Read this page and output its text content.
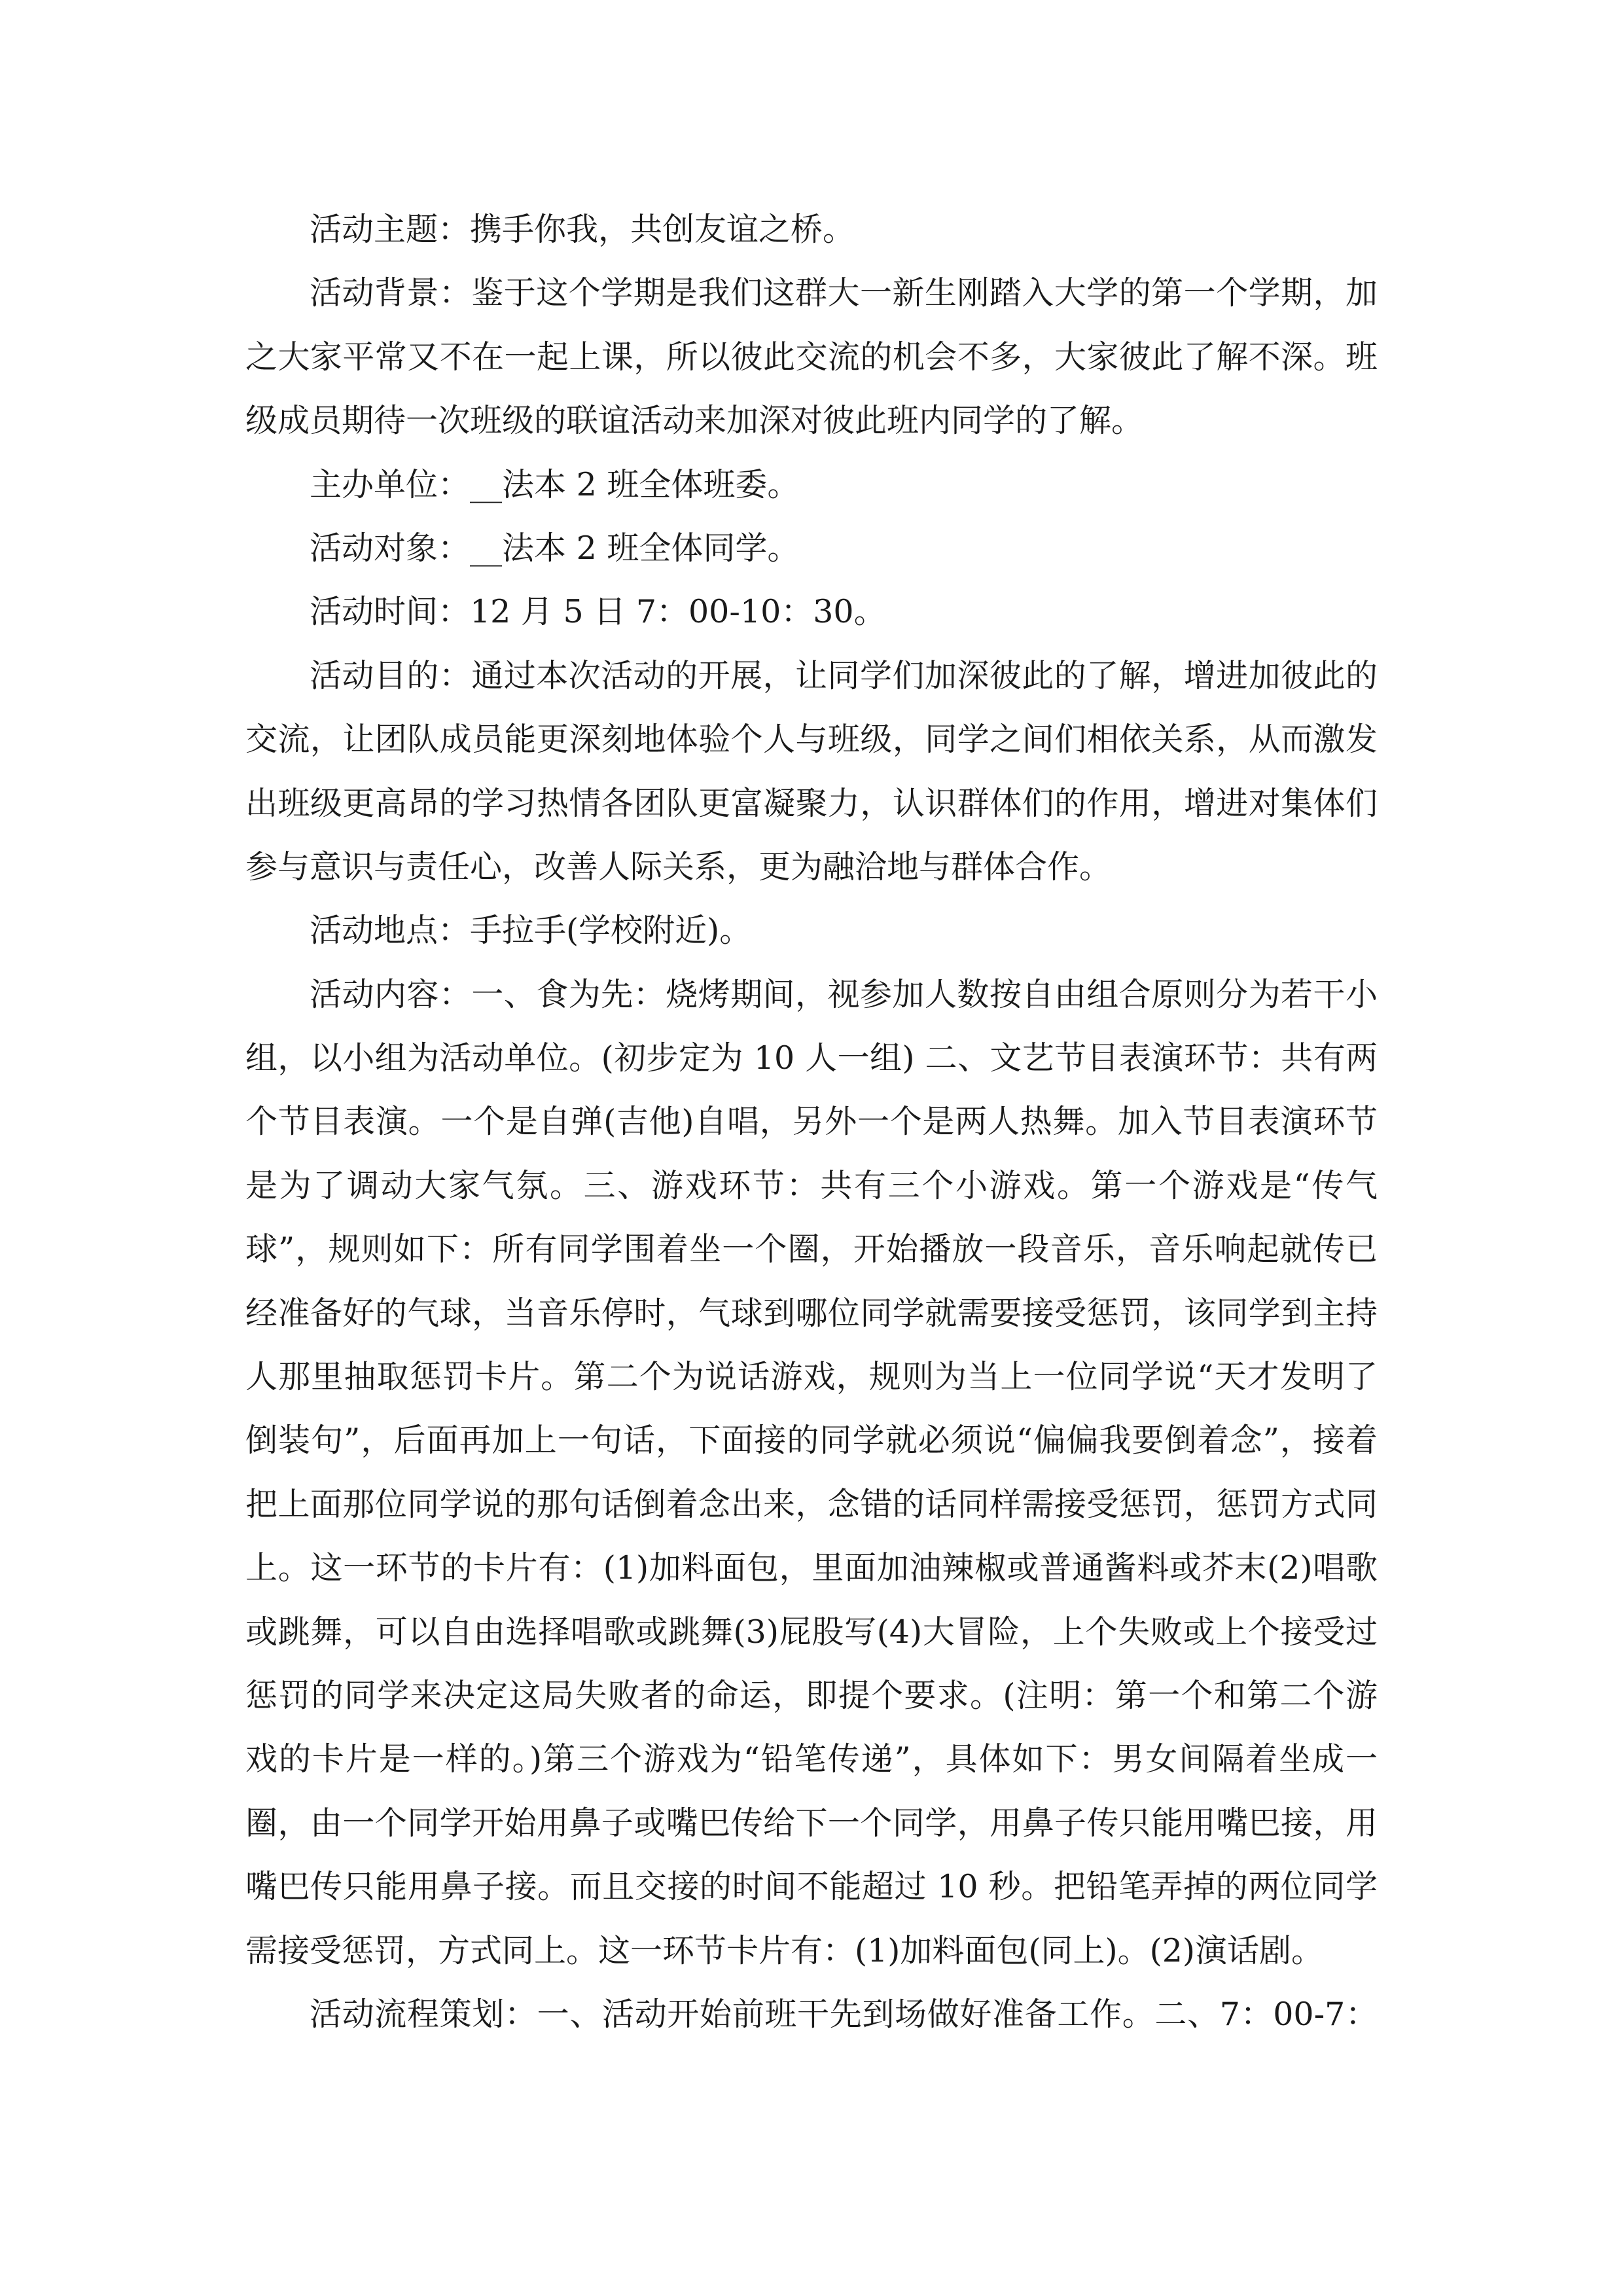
活动主题：携手你我，共创友谊之桥。
活动背景：鉴于这个学期是我们这群大一新生刚踏入大学的第一个学期，加
之大家平常又不在一起上课，所以彼此交流的机会不多，大家彼此了解不深。班
级成员期待一次班级的联谊活动来加深对彼此班内同学的了解。
主办单位：__法本 2 班全体班委。
活动对象：__法本 2 班全体同学。
活动时间：12 月 5 日 7：00-10：30。
活动目的：通过本次活动的开展，让同学们加深彼此的了解，增进加彼此的
交流，让团队成员能更深刻地体验个人与班级，同学之间们相依关系，从而激发
出班级更高昂的学习热情各团队更富凝聚力，认识群体们的作用，增进对集体们
参与意识与责任心，改善人际关系，更为融洽地与群体合作。
活动地点：手拉手(学校附近)。
活动内容：一、食为先：烧烤期间，视参加人数按自由组合原则分为若干小
组，以小组为活动单位。(初步定为 10 人一组) 二、文艺节目表演环节：共有两
个节目表演。一个是自弹(吉他)自唱，另外一个是两人热舞。加入节目表演环节
是为了调动大家气氛。三、游戏环节：共有三个小游戏。第一个游戏是“传气
球”，规则如下：所有同学围着坐一个圈，开始播放一段音乐，音乐响起就传已
经准备好的气球，当音乐停时，气球到哪位同学就需要接受惩罚，该同学到主持
人那里抽取惩罚卡片。第二个为说话游戏，规则为当上一位同学说“天才发明了
倒装句”，后面再加上一句话，下面接的同学就必须说“偏偏我要倒着念”，接着
把上面那位同学说的那句话倒着念出来，念错的话同样需接受惩罚，惩罚方式同
上。这一环节的卡片有：(1)加料面包，里面加油辣椒或普通酱料或芥末(2)唱歌
或跳舞，可以自由选择唱歌或跳舞(3)屁股写(4)大冒险，上个失败或上个接受过
惩罚的同学来决定这局失败者的命运，即提个要求。(注明：第一个和第二个游
戏的卡片是一样的。)第三个游戏为“铅笔传递”，具体如下：男女间隔着坐成一
圈，由一个同学开始用鼻子或嘴巴传给下一个同学，用鼻子传只能用嘴巴接，用
嘴巴传只能用鼻子接。而且交接的时间不能超过 10 秒。把铅笔弄掉的两位同学
需接受惩罚，方式同上。这一环节卡片有：(1)加料面包(同上)。(2)演话剧。
活动流程策划：一、活动开始前班干先到场做好准备工作。二、7：00-7：
